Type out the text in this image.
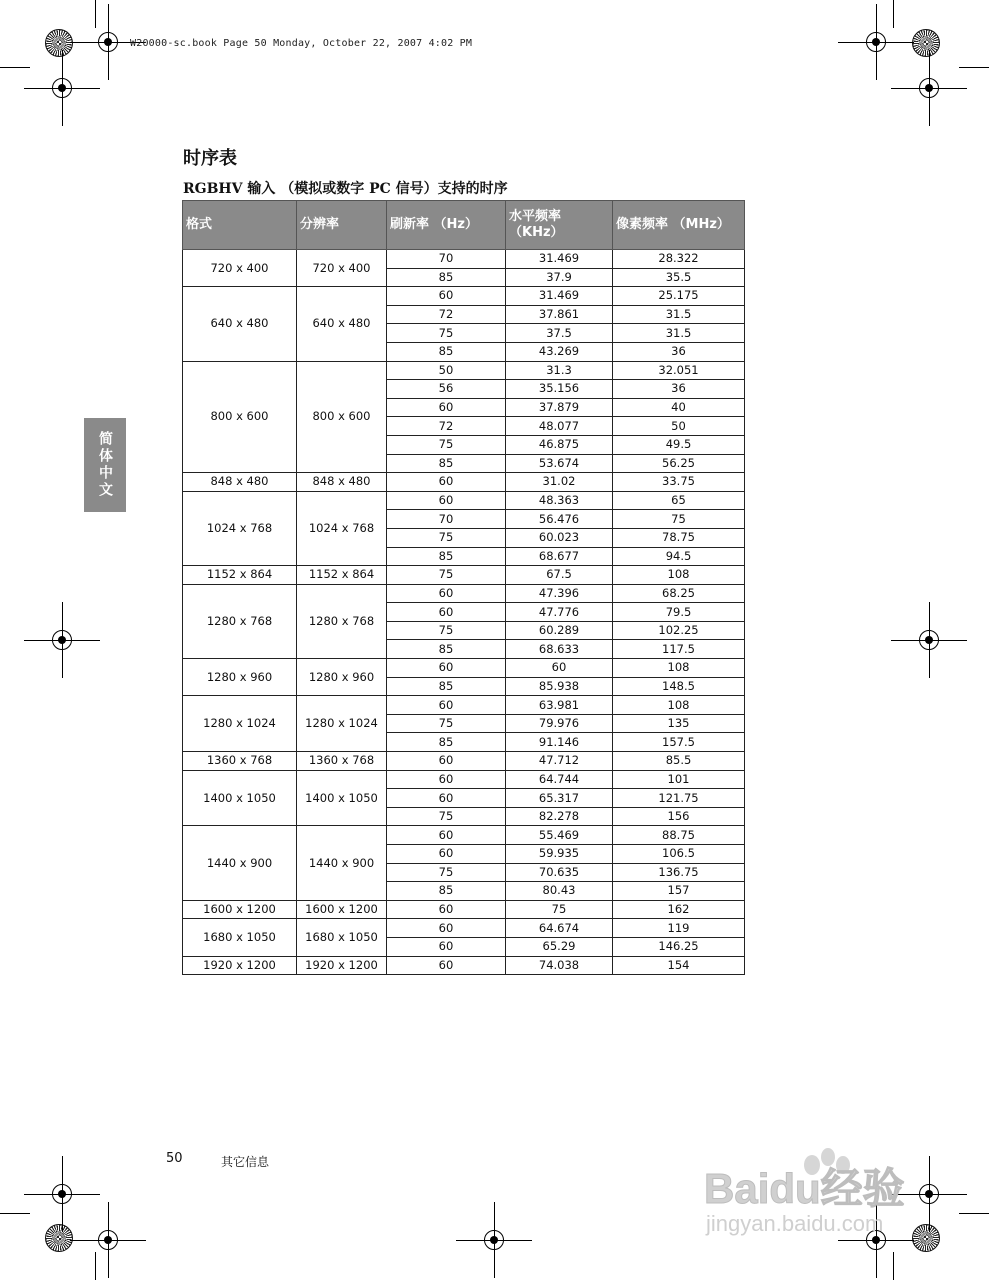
W20000-sc.book Page 50 Monday, October 22, 2007 4:02 PM
时序表
RGBHV 输入 （模拟或数字 PC 信号）支持的时序
简体中文
格式	分辨率	刷新率 （Hz）	水平频率
（KHz）	像素频率 （MHz）
720 x 400	720 x 400	70	31.469	28.322
		85	37.9	35.5
640 x 480	640 x 480	60	31.469	25.175
		72	37.861	31.5
		75	37.5	31.5
		85	43.269	36
800 x 600	800 x 600	50	31.3	32.051
		56	35.156	36
		60	37.879	40
		72	48.077	50
		75	46.875	49.5
		85	53.674	56.25
848 x 480	848 x 480	60	31.02	33.75
1024 x 768	1024 x 768	60	48.363	65
		70	56.476	75
		75	60.023	78.75
		85	68.677	94.5
1152 x 864	1152 x 864	75	67.5	108
1280 x 768	1280 x 768	60	47.396	68.25
		60	47.776	79.5
		75	60.289	102.25
		85	68.633	117.5
1280 x 960	1280 x 960	60	60	108
		85	85.938	148.5
1280 x 1024	1280 x 1024	60	63.981	108
		75	79.976	135
		85	91.146	157.5
1360 x 768	1360 x 768	60	47.712	85.5
1400 x 1050	1400 x 1050	60	64.744	101
		60	65.317	121.75
		75	82.278	156
1440 x 900	1440 x 900	60	55.469	88.75
		60	59.935	106.5
		75	70.635	136.75
		85	80.43	157
1600 x 1200	1600 x 1200	60	75	162
1680 x 1050	1680 x 1050	60	64.674	119
		60	65.29	146.25
1920 x 1200	1920 x 1200	60	74.038	154
50	其它信息
Baidu经验
jingyan.baidu.com
